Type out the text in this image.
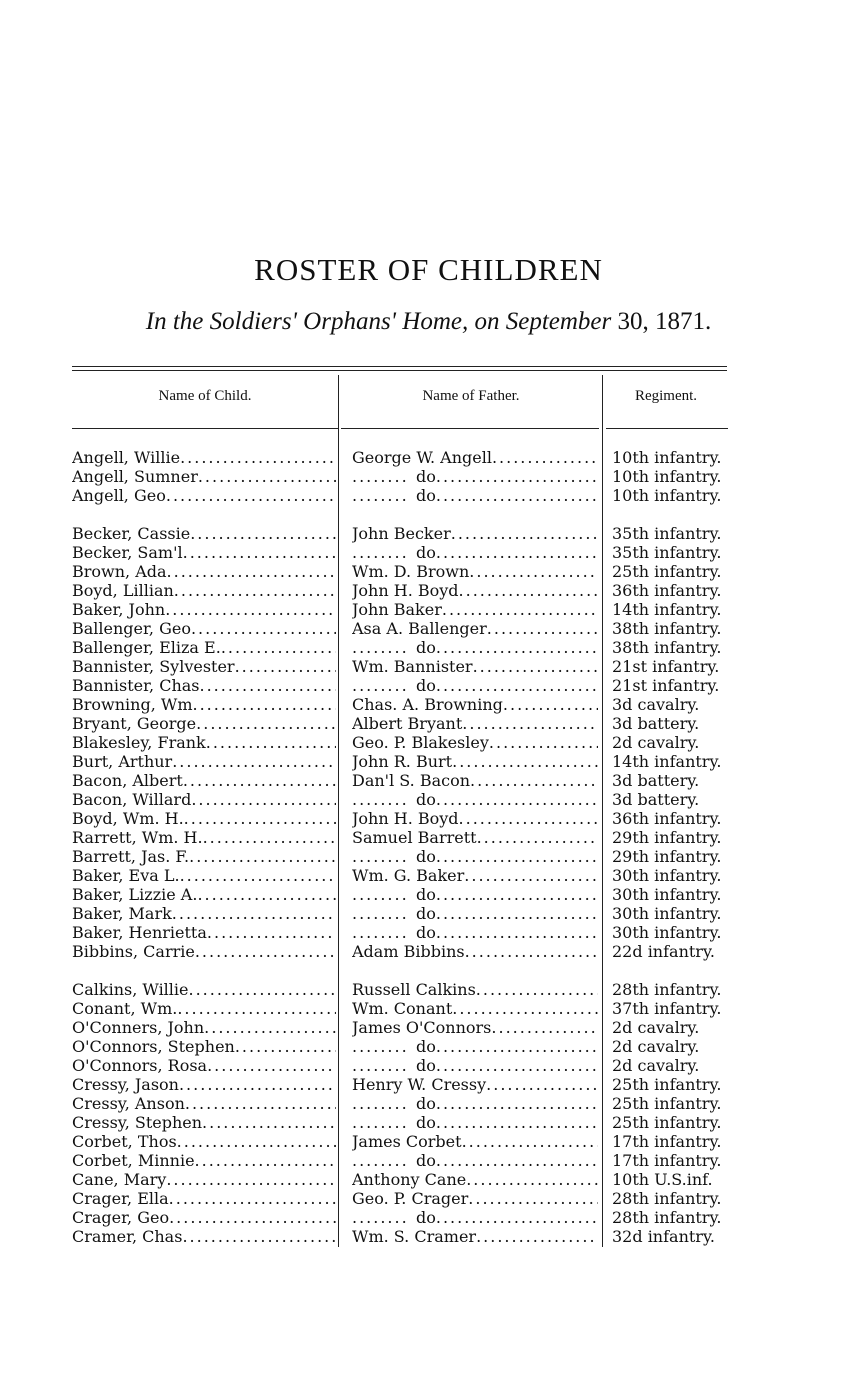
ROSTER OF CHILDREN

In the Soldiers' Orphans' Home, on September 30, 1871.

Name of Child.	Name of Father.	Regiment.

Angell, Willie .....	George W. Angell .....	10th infantry.
Angell, Sumner .....	........ do .....	10th infantry.
Angell, Geo .....	........ do .....	10th infantry.
Becker, Cassie .....	John Becker .....	35th infantry.
Becker, Sam'l .....	........ do .....	35th infantry.
Brown, Ada .....	Wm. D. Brown .....	25th infantry.
Boyd, Lillian .....	John H. Boyd .....	36th infantry.
Baker, John .....	John Baker .....	14th infantry.
Ballenger, Geo .....	Asa A. Ballenger .....	38th infantry.
Ballenger, Eliza E. .....	........ do .....	38th infantry.
Bannister, Sylvester .....	Wm. Bannister .....	21st infantry.
Bannister, Chas .....	........ do .....	21st infantry.
Browning, Wm .....	Chas. A. Browning .....	3d cavalry.
Bryant, George .....	Albert Bryant .....	3d battery.
Blakesley, Frank .....	Geo. P. Blakesley .....	2d cavalry.
Burt, Arthur .....	John R. Burt .....	14th infantry.
Bacon, Albert .....	Dan'l S. Bacon .....	3d battery.
Bacon, Willard .....	........ do .....	3d battery.
Boyd, Wm. H. .....	John H. Boyd .....	36th infantry.
Rarrett, Wm. H. .....	Samuel Barrett .....	29th infantry.
Barrett, Jas. F. .....	........ do .....	29th infantry.
Baker, Eva L. .....	Wm. G. Baker .....	30th infantry.
Baker, Lizzie A. .....	........ do .....	30th infantry.
Baker, Mark .....	........ do .....	30th infantry.
Baker, Henrietta .....	........ do .....	30th infantry.
Bibbins, Carrie .....	Adam Bibbins .....	22d infantry.
Calkins, Willie .....	Russell Calkins .....	28th infantry.
Conant, Wm. .....	Wm. Conant .....	37th infantry.
O'Conners, John .....	James O'Connors .....	2d cavalry.
O'Connors, Stephen .....	........ do .....	2d cavalry.
O'Connors, Rosa .....	........ do .....	2d cavalry.
Cressy, Jason .....	Henry W. Cressy .....	25th infantry.
Cressy, Anson .....	........ do .....	25th infantry.
Cressy, Stephen .....	........ do .....	25th infantry.
Corbet, Thos .....	James Corbet .....	17th infantry.
Corbet, Minnie .....	........ do .....	17th infantry.
Cane, Mary .....	Anthony Cane .....	10th U.S.inf.
Crager, Ella .....	Geo. P. Crager .....	28th infantry.
Crager, Geo .....	........ do .....	28th infantry.
Cramer, Chas .....	Wm. S. Cramer .....	32d infantry.
